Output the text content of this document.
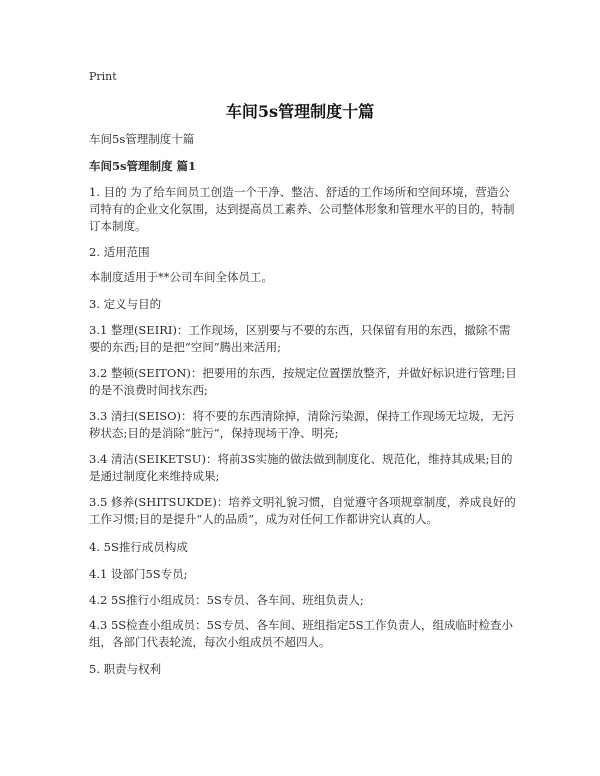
Print
车间5s管理制度十篇
车间5s管理制度十篇
车间5s管理制度 篇1
1. 目的 为了给车间员工创造一个干净、整洁、舒适的工作场所和空间环境，营造公司特有的企业文化氛围，达到提高员工素养、公司整体形象和管理水平的目的，特制订本制度。
2. 适用范围
本制度适用于**公司车间全体员工。
3. 定义与目的
3.1 整理(SEIRI)：工作现场，区别要与不要的东西，只保留有用的东西，撤除不需要的东西;目的是把“空间”腾出来活用;
3.2 整顿(SEITON)：把要用的东西，按规定位置摆放整齐，并做好标识进行管理;目的是不浪费时间找东西;
3.3 清扫(SEISO)：将不要的东西清除掉，清除污染源，保持工作现场无垃圾，无污秽状态;目的是消除“脏污”，保持现场干净、明亮;
3.4 清洁(SEIKETSU)：将前3S实施的做法做到制度化、规范化，维持其成果;目的是通过制度化来维持成果;
3.5 修养(SHITSUKDE)：培养文明礼貌习惯，自觉遵守各项规章制度，养成良好的工作习惯;目的是提升“人的品质”，成为对任何工作都讲究认真的人。
4. 5S推行成员构成
4.1 设部门5S专员;
4.2 5S推行小组成员：5S专员、各车间、班组负责人;
4.3 5S检查小组成员：5S专员、各车间、班组指定5S工作负责人，组成临时检查小组，各部门代表轮流，每次小组成员不超四人。
5. 职责与权利
